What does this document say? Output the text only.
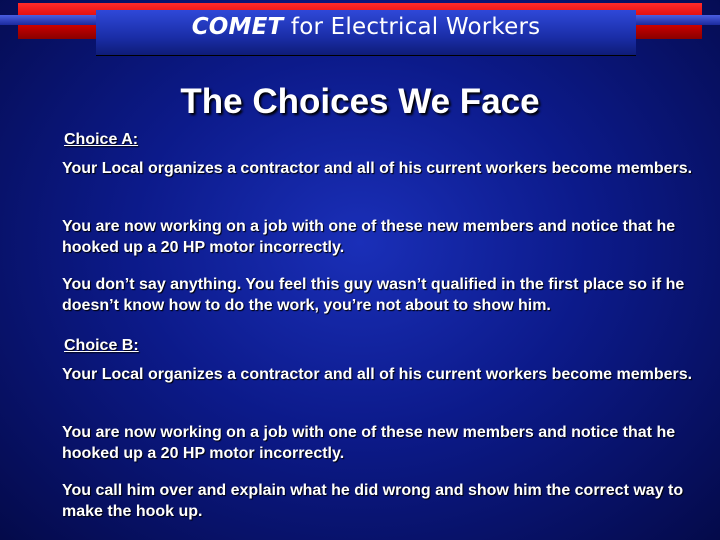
COMET for Electrical Workers
The Choices We Face
Choice A:
Your Local organizes a contractor and all of his current workers become members.
You are now working on a job with one of these new members and notice that he hooked up a 20 HP motor incorrectly.
You don’t say anything. You feel this guy wasn’t qualified in the first place so if he doesn’t know how to do the work, you’re not about to show him.
Choice B:
Your Local organizes a contractor and all of his current workers become members.
You are now working on a job with one of these new members and notice that he hooked up a 20 HP motor incorrectly.
You call him over and explain what he did wrong and show him the correct way to make the hook up.
